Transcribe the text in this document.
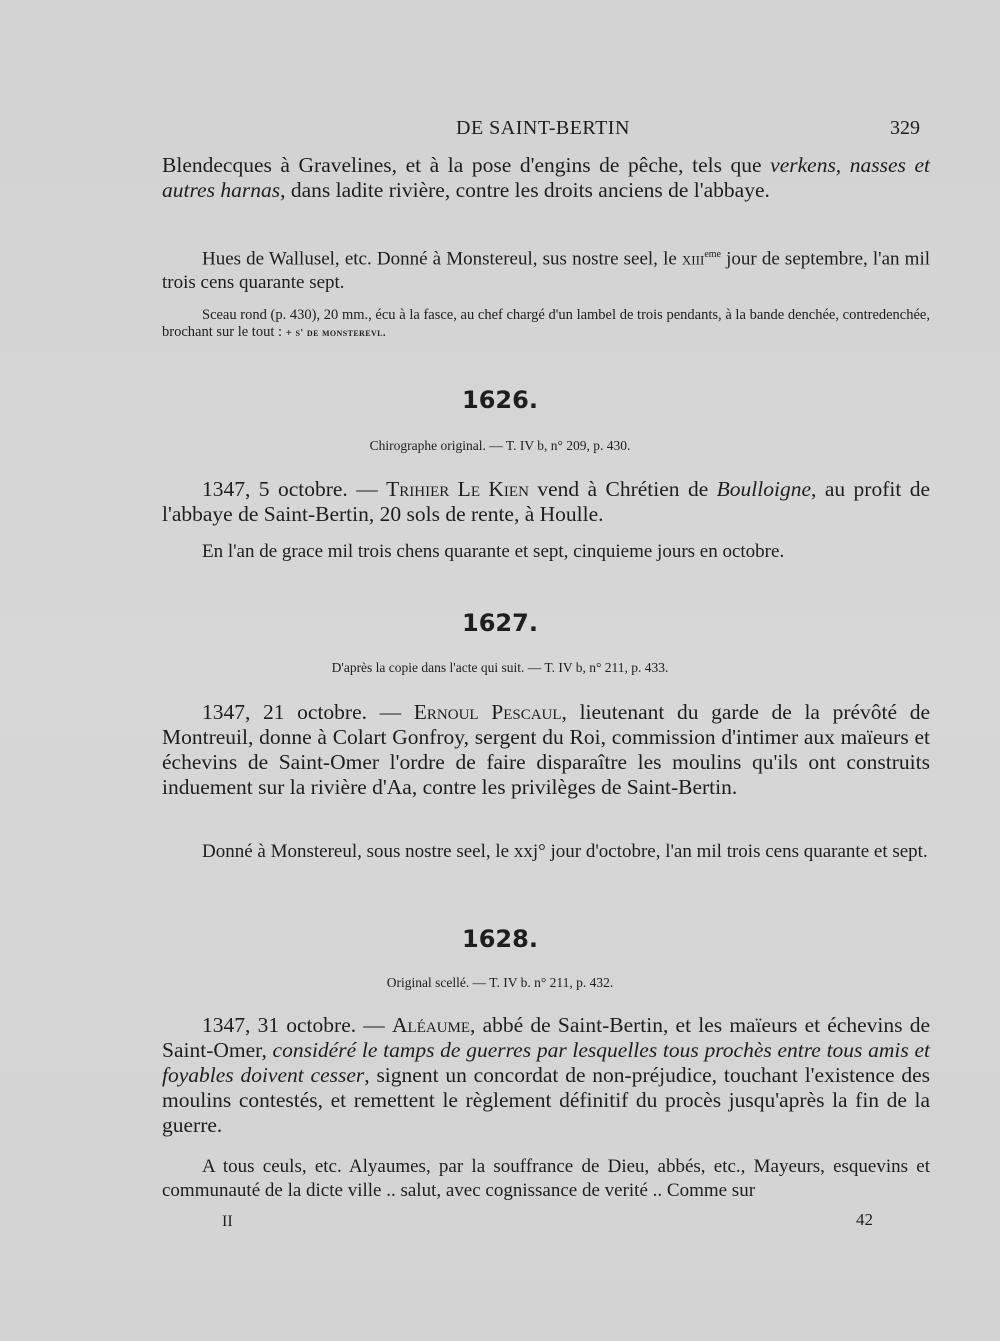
DE SAINT-BERTIN	329

Blendecques à Gravelines, et à la pose d'engins de pêche, tels que verkens, nasses et autres harnas, dans ladite rivière, contre les droits anciens de l'abbaye.

Hues de Wallusel, etc. Donné à Monstereul, sus nostre seel, le xiii$^{eme}$ jour de septembre, l'an mil trois cens quarante sept.

Sceau rond (p. 430), 20 mm., écu à la fasce, au chef chargé d'un lambel de trois pendants, à la bande denchée, contredenchée, brochant sur le tout : + s' de monsterevl.

1626.
Chirographe original. — T. IV b, n° 209, p. 430.

1347, 5 octobre. — Trihier Le Kien vend à Chrétien de Boulloigne, au profit de l'abbaye de Saint-Bertin, 20 sols de rente, à Houlle.

En l'an de grace mil trois chens quarante et sept, cinquieme jours en octobre.

1627.
D'après la copie dans l'acte qui suit. — T. IV b, n° 211, p. 433.

1347, 21 octobre. — Ernoul Pescaul, lieutenant du garde de la prévôté de Montreuil, donne à Colart Gonfroy, sergent du Roi, commission d'intimer aux maïeurs et échevins de Saint-Omer l'ordre de faire disparaître les moulins qu'ils ont construits induement sur la rivière d'Aa, contre les privilèges de Saint-Bertin.

Donné à Monstereul, sous nostre seel, le xxj° jour d'octobre, l'an mil trois cens quarante et sept.

1628.
Original scellé. — T. IV b. n° 211, p. 432.

1347, 31 octobre. — Aléaume, abbé de Saint-Bertin, et les maïeurs et échevins de Saint-Omer, considéré le tamps de guerres par lesquelles tous prochès entre tous amis et foyables doivent cesser, signent un concordat de non-préjudice, touchant l'existence des moulins contestés, et remettent le règlement définitif du procès jusqu'après la fin de la guerre.

A tous ceuls, etc. Alyaumes, par la souffrance de Dieu, abbés, etc., Mayeurs, esquevins et communauté de la dicte ville .. salut, avec cognissance de verité .. Comme sur

II	42
